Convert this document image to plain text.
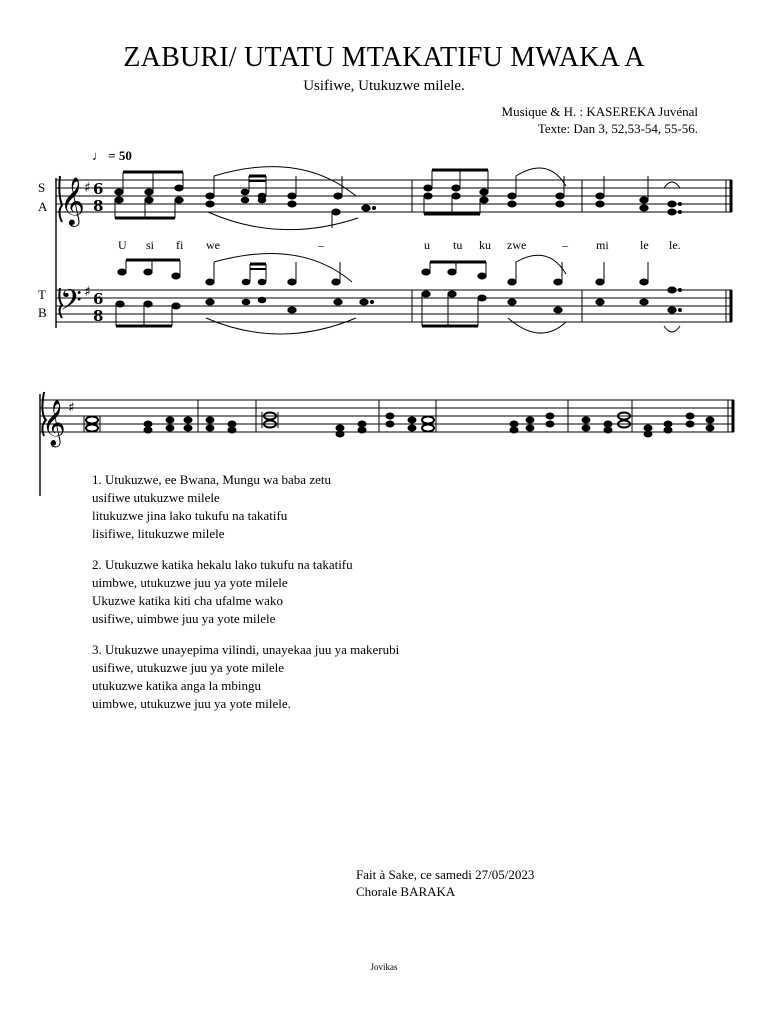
ZABURI/ UTATU MTAKATIFU MWAKA A
Usifiwe, Utukuzwe milele.
Musique & H. : KASEREKA Juvénal
Texte: Dan 3, 52,53-54, 55-56.
♩ = 50
S
A
T
B
𝄞
𝄢
♯
♯
6
8
6
8
U si fi we	–	u tu ku zwe	– mi	le le.
𝄞 ♯
1. Utukuzwe, ee Bwana, Mungu wa baba zetu
usifiwe utukuzwe milele
litukuzwe jina lako tukufu na takatifu
lisifiwe, litukuzwe milele
2. Utukuzwe katika hekalu lako tukufu na takatifu
uimbwe, utukuzwe juu ya yote milele
Ukuzwe katika kiti cha ufalme wako
usifiwe, uimbwe juu ya yote milele
3. Utukuzwe unayepima vilindi, unayekaa juu ya makerubi
usifiwe, utukuzwe juu ya yote milele
utukuzwe katika anga la mbingu
uimbwe, utukuzwe juu ya yote milele.
Fait à Sake, ce samedi 27/05/2023
Chorale BARAKA
Jovikas
